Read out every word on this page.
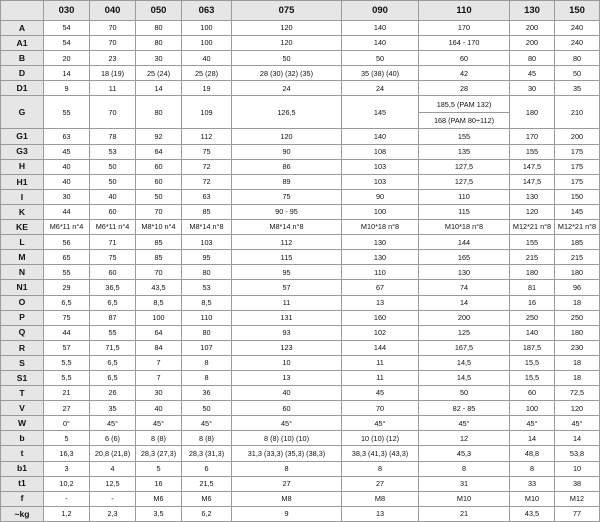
	030	040	050	063	075	090	110	130	150
A	54	70	80	100	120	140	170	200	240
A1	54	70	80	100	120	140	164 - 170	200	240
B	20	23	30	40	50	50	60	80	80
D	14	18 (19)	25 (24)	25 (28)	28 (30) (32) (35)	35 (38) (40)	42	45	50
D1	9	11	14	19	24	24	28	30	35
G	55	70	80	109	126,5	145	185,5 (PAM 132)	180	210
							168 (PAM 80÷112)		
G1	63	78	92	112	120	140	155	170	200
G3	45	53	64	75	90	108	135	155	175
H	40	50	60	72	86	103	127,5	147,5	175
H1	40	50	60	72	89	103	127,5	147,5	175
I	30	40	50	63	75	90	110	130	150
K	44	60	70	85	90 - 95	100	115	120	145
KE	M6*11 n°4	M6*11 n°4	M8*10 n°4	M8*14 n°8	M8*14 n°8	M10*18 n°8	M10*18 n°8	M12*21 n°8	M12*21 n°8
L	56	71	85	103	112	130	144	155	185
M	65	75	85	95	115	130	165	215	215
N	55	60	70	80	95	110	130	180	180
N1	29	36,5	43,5	53	57	67	74	81	96
O	6,5	6,5	8,5	8,5	11	13	14	16	18
P	75	87	100	110	131	160	200	250	250
Q	44	55	64	80	93	102	125	140	180
R	57	71,5	84	107	123	144	167,5	187,5	230
S	5,5	6,5	7	8	10	11	14,5	15,5	18
S1	5,5	6,5	7	8	13	11	14,5	15,5	18
T	21	26	30	36	40	45	50	60	72,5
V	27	35	40	50	60	70	82 - 85	100	120
W	0°	45°	45°	45°	45°	45°	45°	45°	45°
b	5	6 (6)	8 (8)	8 (8)	8 (8) (10) (10)	10 (10) (12)	12	14	14
t	16,3	20,8 (21,8)	28,3 (27,3)	28,3 (31,3)	31,3 (33,3) (35,3) (38,3)	38,3 (41,3) (43,3)	45,3	48,8	53,8
b1	3	4	5	6	8	8	8	8	10
t1	10,2	12,5	16	21,5	27	27	31	33	38
f	-	-	M6	M6	M8	M8	M10	M10	M12
~kg	1,2	2,3	3,5	6,2	9	13	21	43,5	77
